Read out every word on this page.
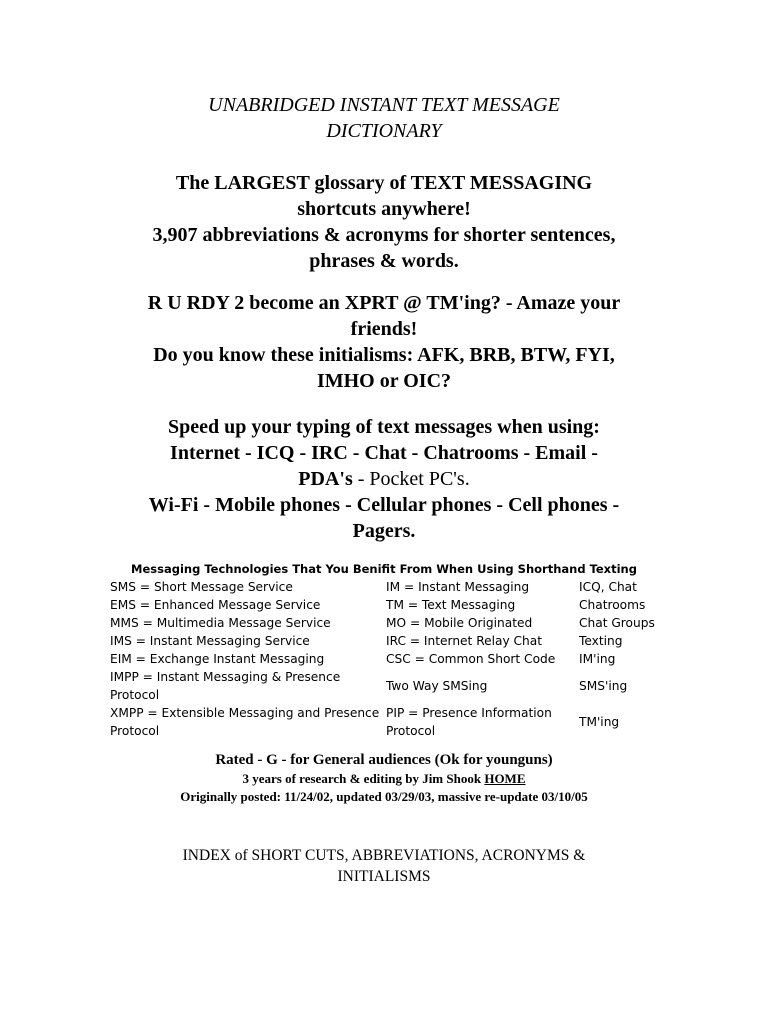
UNABRIDGED INSTANT TEXT MESSAGE
DICTIONARY
The LARGEST glossary of TEXT MESSAGING
shortcuts anywhere!
3,907 abbreviations & acronyms for shorter sentences,
phrases & words.
R U RDY 2 become an XPRT @ TM'ing? - Amaze your
friends!
Do you know these initialisms: AFK, BRB, BTW, FYI,
IMHO or OIC?
Speed up your typing of text messages when using:
Internet - ICQ - IRC - Chat - Chatrooms - Email -
PDA's - Pocket PC's.
Wi-Fi - Mobile phones - Cellular phones - Cell phones -
Pagers.
Messaging Technologies That You Benifit From When Using Shorthand Texting
SMS = Short Message Service	IM = Instant Messaging	ICQ, Chat
EMS = Enhanced Message Service	TM = Text Messaging	Chatrooms
MMS = Multimedia Message Service	MO = Mobile Originated	Chat Groups
IMS = Instant Messaging Service	IRC = Internet Relay Chat	Texting
EIM = Exchange Instant Messaging	CSC = Common Short Code	IM'ing
IMPP = Instant Messaging & Presence Protocol	Two Way SMSing	SMS'ing
XMPP = Extensible Messaging and Presence Protocol	PIP = Presence Information Protocol	TM'ing
Rated - G - for General audiences (Ok for younguns)
3 years of research & editing by Jim Shook HOME
Originally posted: 11/24/02, updated 03/29/03, massive re-update 03/10/05
INDEX of SHORT CUTS, ABBREVIATIONS, ACRONYMS &
INITIALISMS
